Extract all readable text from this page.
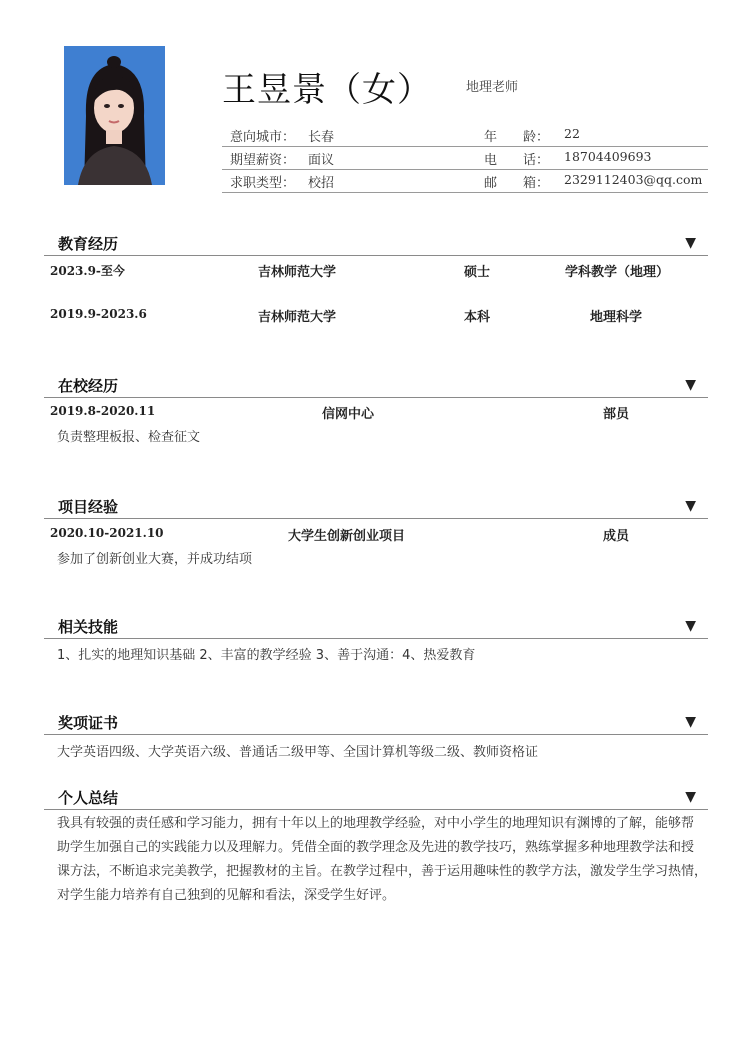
王昱景（女）	地理老师
意向城市： 长春	年　　龄： 22
期望薪资： 面议	电　　话： 18704409693
求职类型： 校招	邮　　箱： 2329112403@qq.com
教育经历	▼
2023.9-至今	吉林师范大学	硕士	学科教学（地理）
2019.9-2023.6	吉林师范大学	本科	地理科学
在校经历	▼
2019.8-2020.11	信网中心	部员
负责整理板报、检查征文
项目经验	▼
2020.10-2021.10	大学生创新创业项目	成员
参加了创新创业大赛，并成功结项
相关技能	▼
1、扎实的地理知识基础 2、丰富的教学经验 3、善于沟通：4、热爱教育
奖项证书	▼
大学英语四级、大学英语六级、普通话二级甲等、全国计算机等级二级、教师资格证
个人总结	▼
我具有较强的责任感和学习能力，拥有十年以上的地理教学经验，对中小学生的地理知识有渊博的了解，能够帮
助学生加强自己的实践能力以及理解力。凭借全面的教学理念及先进的教学技巧，熟练掌握多种地理教学法和授
课方法，不断追求完美教学，把握教材的主旨。在教学过程中，善于运用趣味性的教学方法，激发学生学习热情，
对学生能力培养有自己独到的见解和看法，深受学生好评。
